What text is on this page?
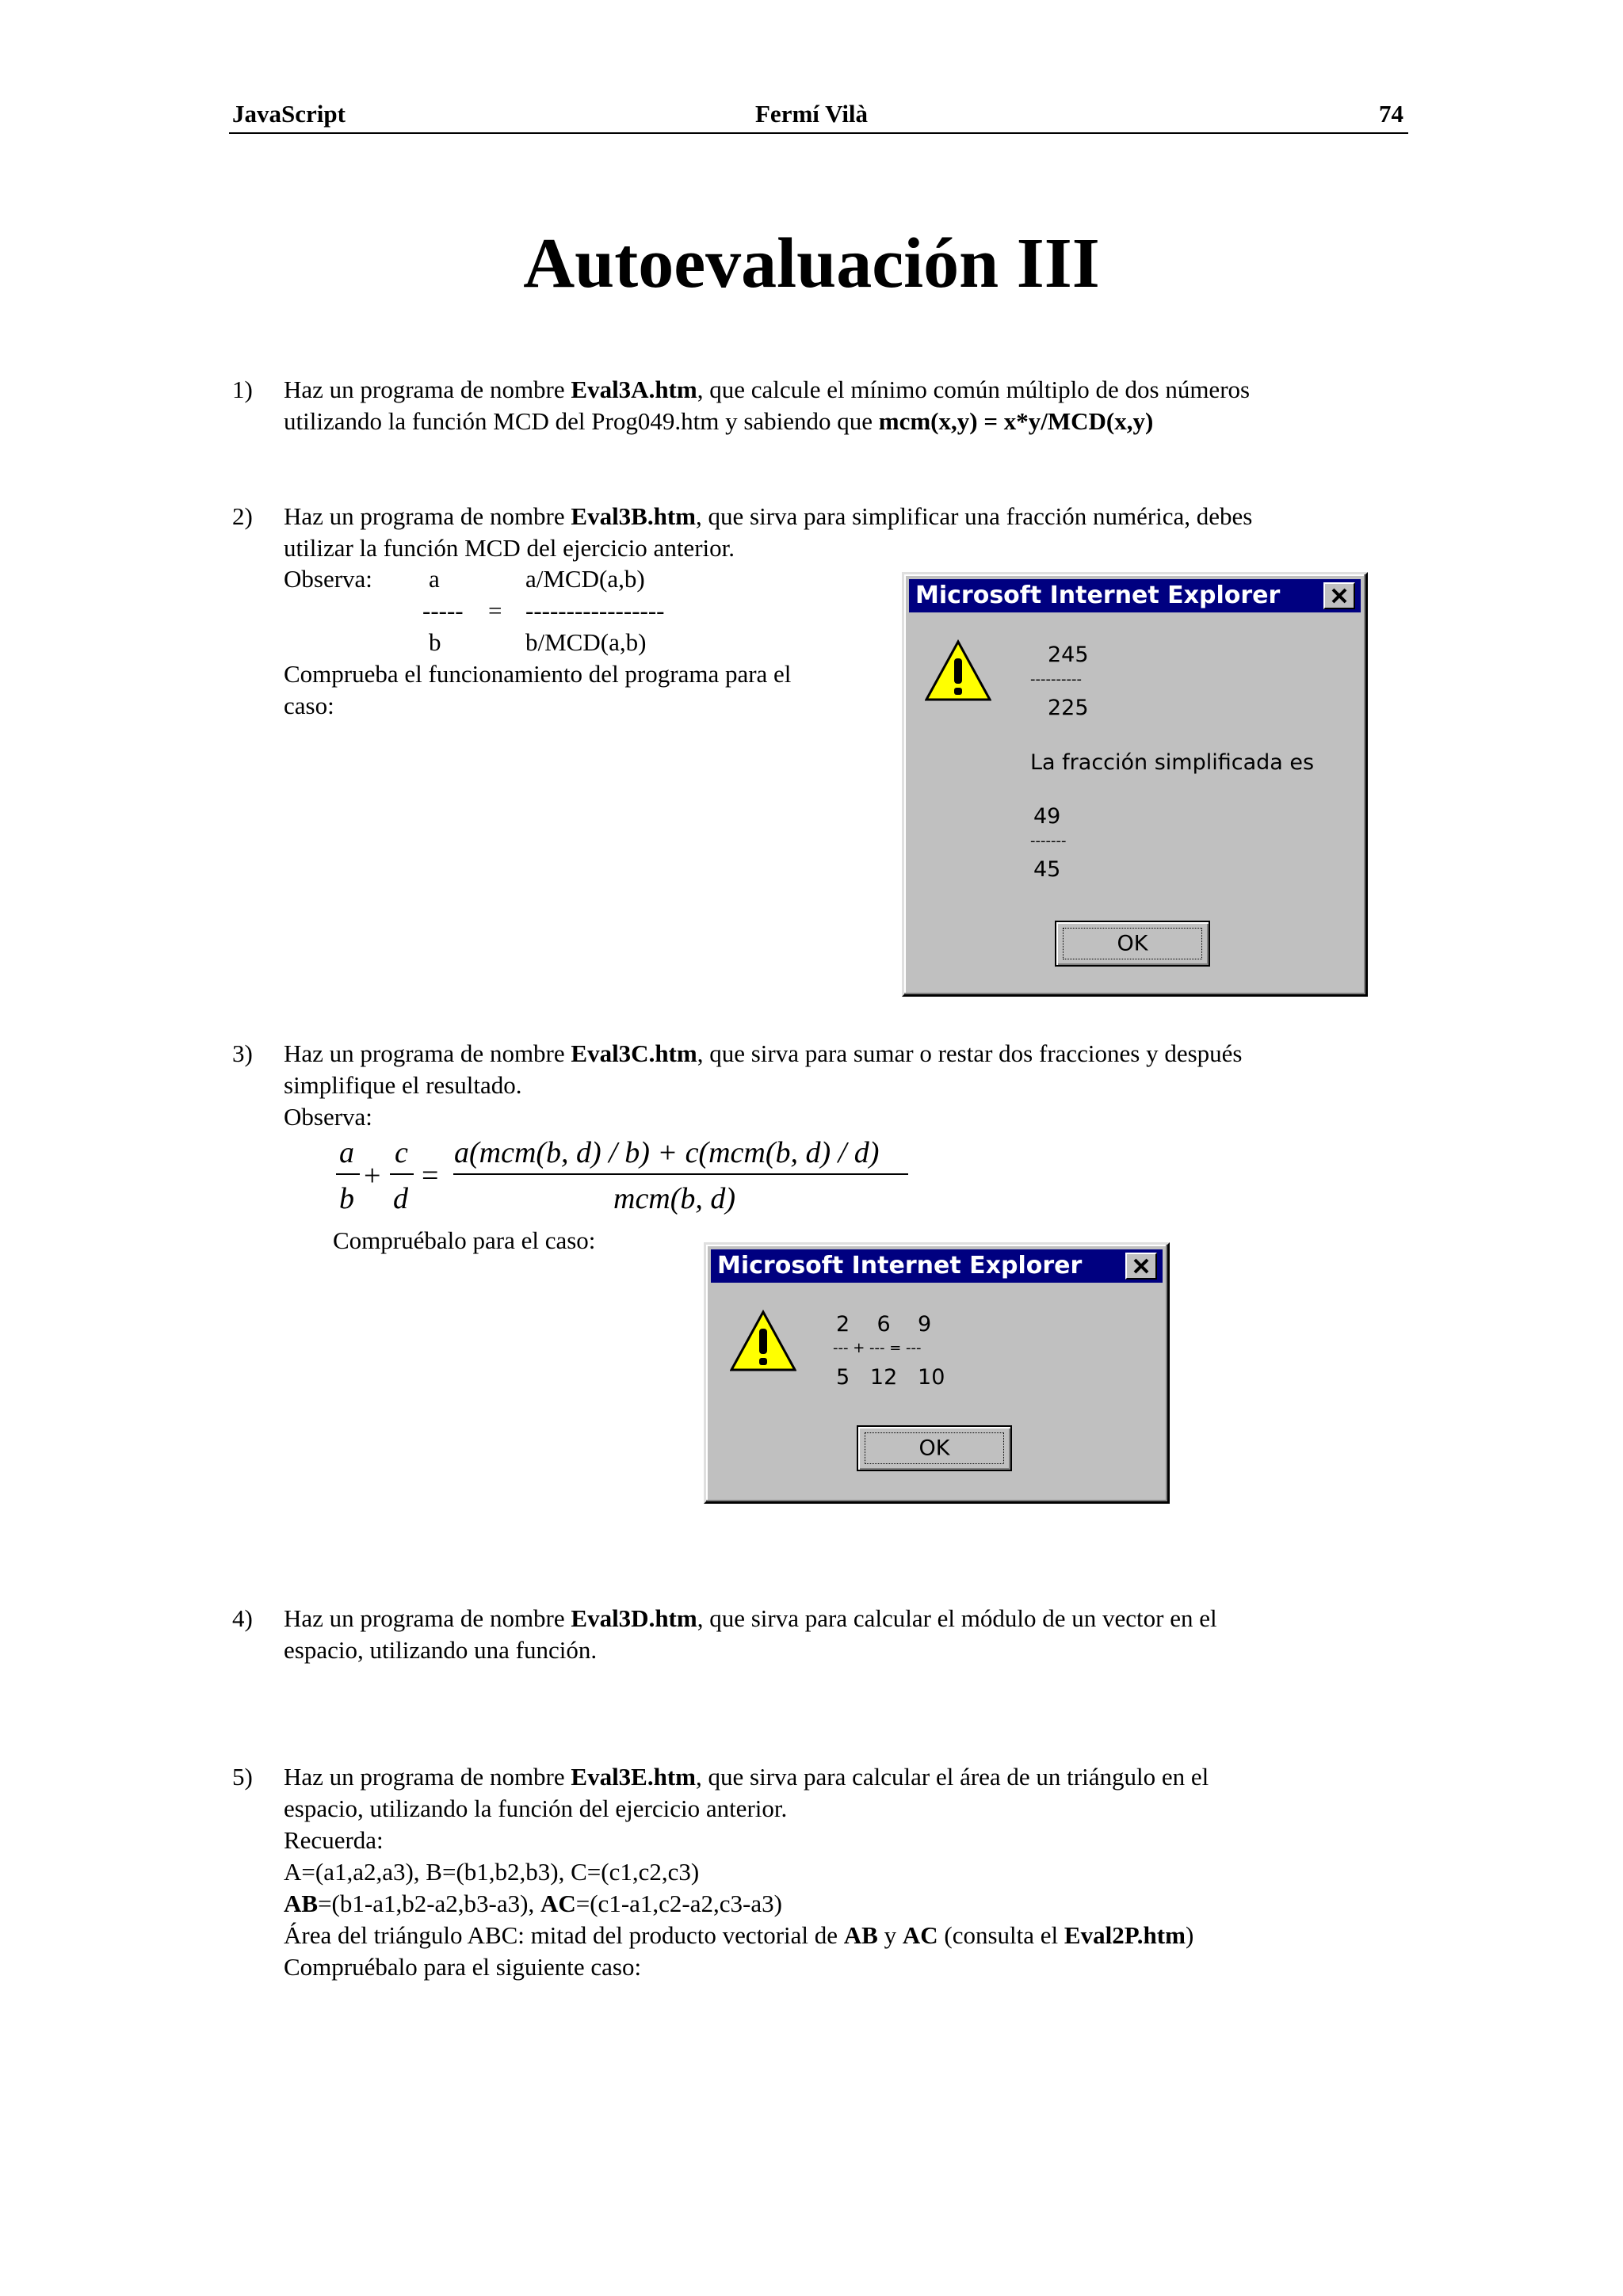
JavaScript	Fermí Vilà	74
Autoevaluación III
1) Haz un programa de nombre Eval3A.htm, que calcule el mínimo común múltiplo de dos números
utilizando la función MCD del Prog049.htm y sabiendo que mcm(x,y) = x*y/MCD(x,y)
2) Haz un programa de nombre Eval3B.htm, que sirva para simplificar una fracción numérica, debes
utilizar la función MCD del ejercicio anterior.
Observa: a	a/MCD(a,b)
----- = -----------------
b	b/MCD(a,b)
Comprueba el funcionamiento del programa para el
caso:
Microsoft Internet Explorer
245
----------
225
La fracción simplificada es
49
-------
45
OK
3) Haz un programa de nombre Eval3C.htm, que sirva para sumar o restar dos fracciones y después
simplifique el resultado.
Observa:
a
b
+
c
d
=
a(mcm(b, d) / b) + c(mcm(b, d) / d)
mcm(b, d)
Compruébalo para el caso:
Microsoft Internet Explorer
2    6    9
--- + --- = ---
5   12   10
OK
4) Haz un programa de nombre Eval3D.htm, que sirva para calcular el módulo de un vector en el
espacio, utilizando una función.
5) Haz un programa de nombre Eval3E.htm, que sirva para calcular el área de un triángulo en el
espacio, utilizando la función del ejercicio anterior.
Recuerda:
A=(a1,a2,a3), B=(b1,b2,b3), C=(c1,c2,c3)
AB=(b1-a1,b2-a2,b3-a3), AC=(c1-a1,c2-a2,c3-a3)
Área del triángulo ABC: mitad del producto vectorial de AB y AC (consulta el Eval2P.htm)
Compruébalo para el siguiente caso:
